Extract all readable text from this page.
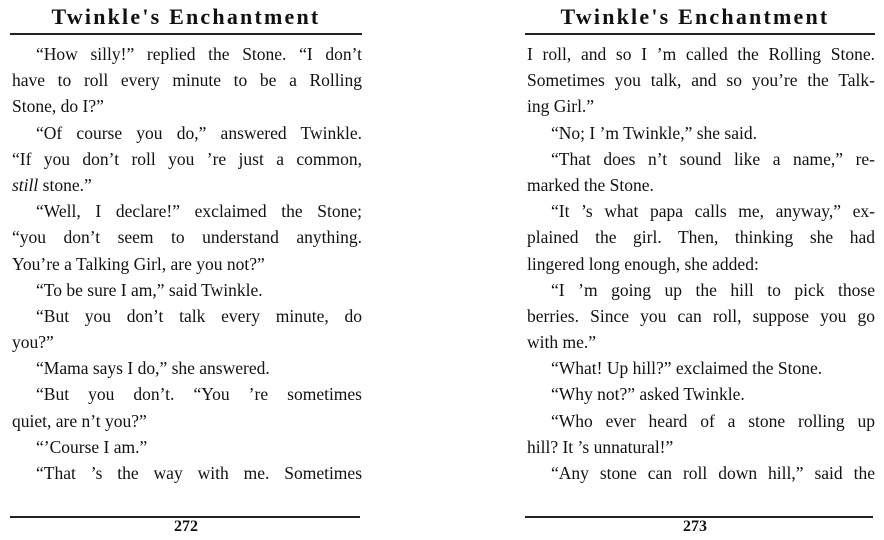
Twinkle's Enchantment
“How silly!” replied the Stone. “I don’t
have to roll every minute to be a Rolling
Stone, do I?”
“Of course you do,” answered Twinkle.
“If you don’t roll you ’re just a common,
still stone.”
“Well, I declare!” exclaimed the Stone;
“you don’t seem to understand anything.
You’re a Talking Girl, are you not?”
“To be sure I am,” said Twinkle.
“But you don’t talk every minute, do
you?”
“Mama says I do,” she answered.
“But you don’t. “You ’re sometimes
quiet, are n’t you?”
“’Course I am.”
“That ’s the way with me. Sometimes
272
Twinkle's Enchantment
I roll, and so I ’m called the Rolling Stone.
Sometimes you talk, and so you’re the Talk-
ing Girl.”
“No; I ’m Twinkle,” she said.
“That does n’t sound like a name,” re-
marked the Stone.
“It ’s what papa calls me, anyway,” ex-
plained the girl. Then, thinking she had
lingered long enough, she added:
“I ’m going up the hill to pick those
berries. Since you can roll, suppose you go
with me.”
“What! Up hill?” exclaimed the Stone.
“Why not?” asked Twinkle.
“Who ever heard of a stone rolling up
hill? It ’s unnatural!”
“Any stone can roll down hill,” said the
273
